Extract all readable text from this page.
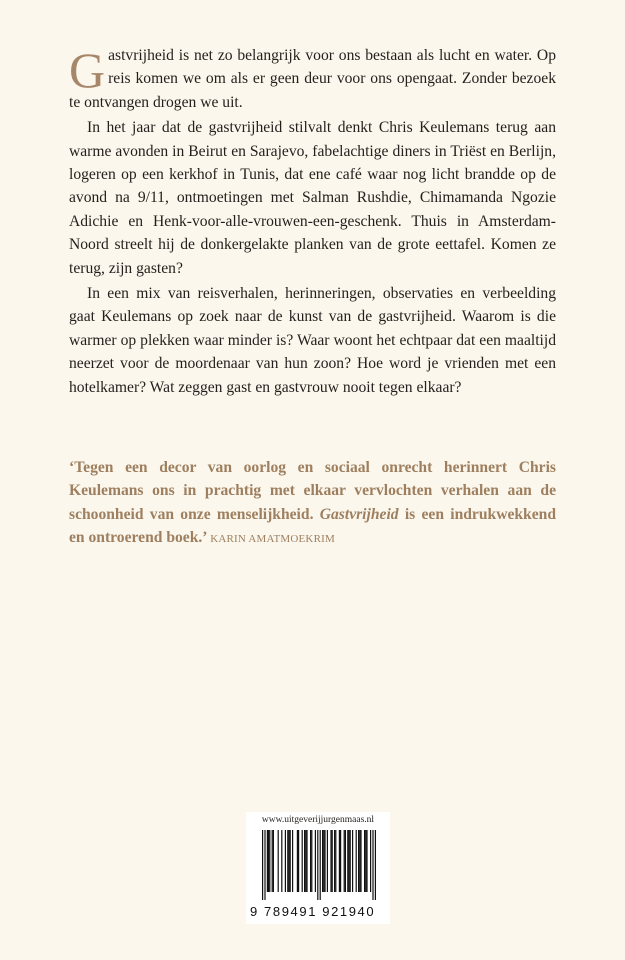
Gastvrijheid is net zo belangrijk voor ons bestaan als lucht en water. Op reis komen we om als er geen deur voor ons opengaat. Zonder bezoek te ontvangen drogen we uit.

In het jaar dat de gastvrijheid stilvalt denkt Chris Keulemans terug aan warme avonden in Beirut en Sarajevo, fabelachtige diners in Triëst en Berlijn, logeren op een kerkhof in Tunis, dat ene café waar nog licht brandde op de avond na 9/11, ontmoetingen met Salman Rushdie, Chimamanda Ngozie Adichie en Henk-voor-alle-vrouwen-een-geschenk. Thuis in Amsterdam-Noord streelt hij de donkergelakte planken van de grote eettafel. Komen ze terug, zijn gasten?

In een mix van reisverhalen, herinneringen, observaties en verbeelding gaat Keulemans op zoek naar de kunst van de gastvrijheid. Waarom is die warmer op plekken waar minder is? Waar woont het echtpaar dat een maaltijd neerzet voor de moordenaar van hun zoon? Hoe word je vrienden met een hotelkamer? Wat zeggen gast en gastvrouw nooit tegen elkaar?

‘Tegen een decor van oorlog en sociaal onrecht herinnert Chris Keulemans ons in prachtig met elkaar vervlochten verhalen aan de schoonheid van onze menselijkheid. Gastvrijheid is een indrukwekkend en ontroerend boek.’ KARIN AMATMOEKRIM
www.uitgeverijjurgenmaas.nl
9 789491 921940
